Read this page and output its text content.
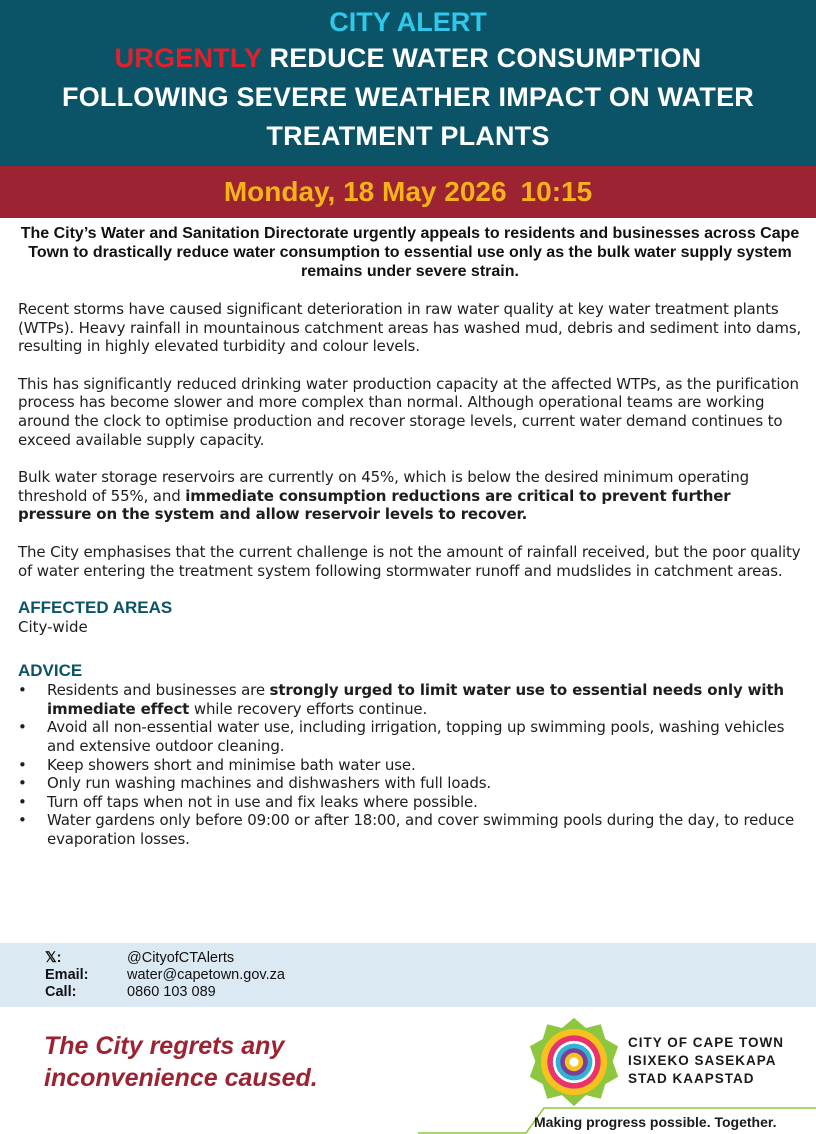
CITY ALERT
URGENTLY REDUCE WATER CONSUMPTION
FOLLOWING SEVERE WEATHER IMPACT ON WATER
TREATMENT PLANTS
Monday, 18 May 2026 10:15

The City’s Water and Sanitation Directorate urgently appeals to residents and businesses across Cape Town to drastically reduce water consumption to essential use only as the bulk water supply system remains under severe strain.

Recent storms have caused significant deterioration in raw water quality at key water treatment plants (WTPs). Heavy rainfall in mountainous catchment areas has washed mud, debris and sediment into dams, resulting in highly elevated turbidity and colour levels.

This has significantly reduced drinking water production capacity at the affected WTPs, as the purification process has become slower and more complex than normal. Although operational teams are working around the clock to optimise production and recover storage levels, current water demand continues to exceed available supply capacity.

Bulk water storage reservoirs are currently on 45%, which is below the desired minimum operating threshold of 55%, and immediate consumption reductions are critical to prevent further pressure on the system and allow reservoir levels to recover.

The City emphasises that the current challenge is not the amount of rainfall received, but the poor quality of water entering the treatment system following stormwater runoff and mudslides in catchment areas.

AFFECTED AREAS
City-wide
ADVICE
• Residents and businesses are strongly urged to limit water use to essential needs only with immediate effect while recovery efforts continue.
• Avoid all non-essential water use, including irrigation, topping up swimming pools, washing vehicles and extensive outdoor cleaning.
• Keep showers short and minimise bath water use.
• Only run washing machines and dishwashers with full loads.
• Turn off taps when not in use and fix leaks where possible.
• Water gardens only before 09:00 or after 18:00, and cover swimming pools during the day, to reduce evaporation losses.
𝕏:	@CityofCTAlerts
Email:	water@capetown.gov.za
Call:	0860 103 089
The City regrets any inconvenience caused.
CITY OF CAPE TOWN
ISIXEKO SASEKAPA
STAD KAAPSTAD
Making progress possible. Together.
